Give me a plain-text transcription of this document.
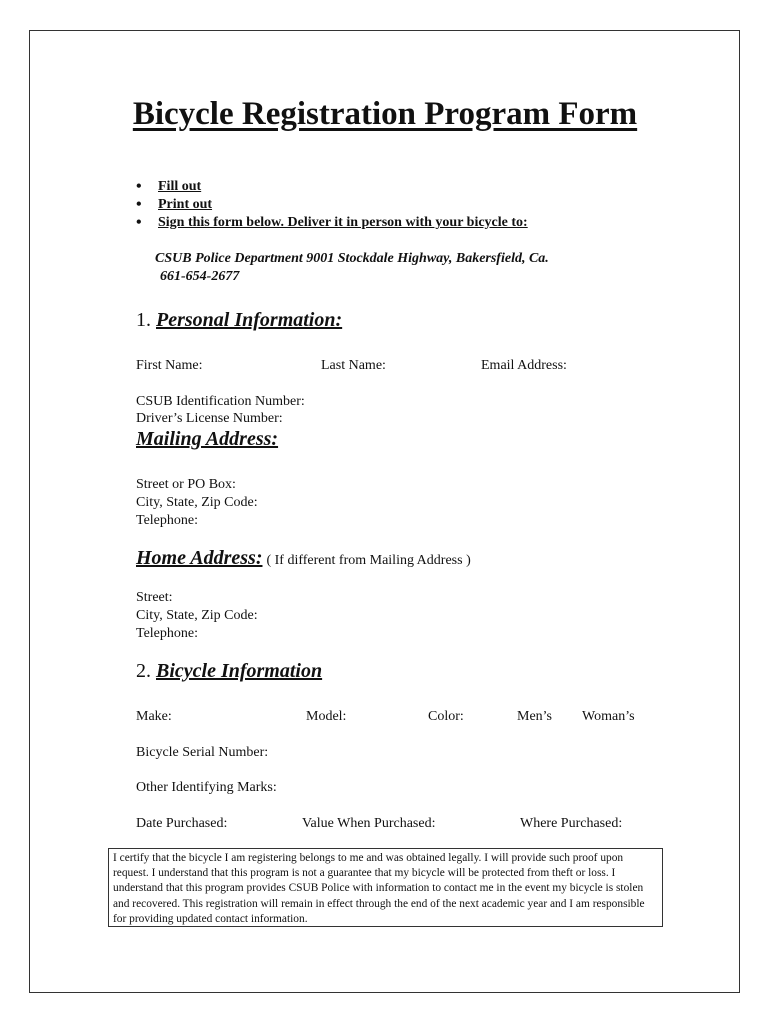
Bicycle Registration Program Form
• Fill out
• Print out
• Sign this form below. Deliver it in person with your bicycle to:
CSUB Police Department 9001 Stockdale Highway, Bakersfield, Ca.
661-654-2677
1. Personal Information:
First Name:	Last Name:	Email Address:
CSUB Identification Number:
Driver’s License Number:
Mailing Address:
Street or PO Box:
City, State, Zip Code:
Telephone:
Home Address: ( If different from Mailing Address )
Street:
City, State, Zip Code:
Telephone:
2. Bicycle Information
Make:	Model:	Color:	Men’s Woman’s
Bicycle Serial Number:
Other Identifying Marks:
Date Purchased:	Value When Purchased:	Where Purchased:
I certify that the bicycle I am registering belongs to me and was obtained legally. I will provide such proof upon request. I understand that this program is not a guarantee that my bicycle will be protected from theft or loss. I understand that this program provides CSUB Police with information to contact me in the event my bicycle is stolen and recovered. This registration will remain in effect through the end of the next academic year and I am responsible for providing updated contact information.
